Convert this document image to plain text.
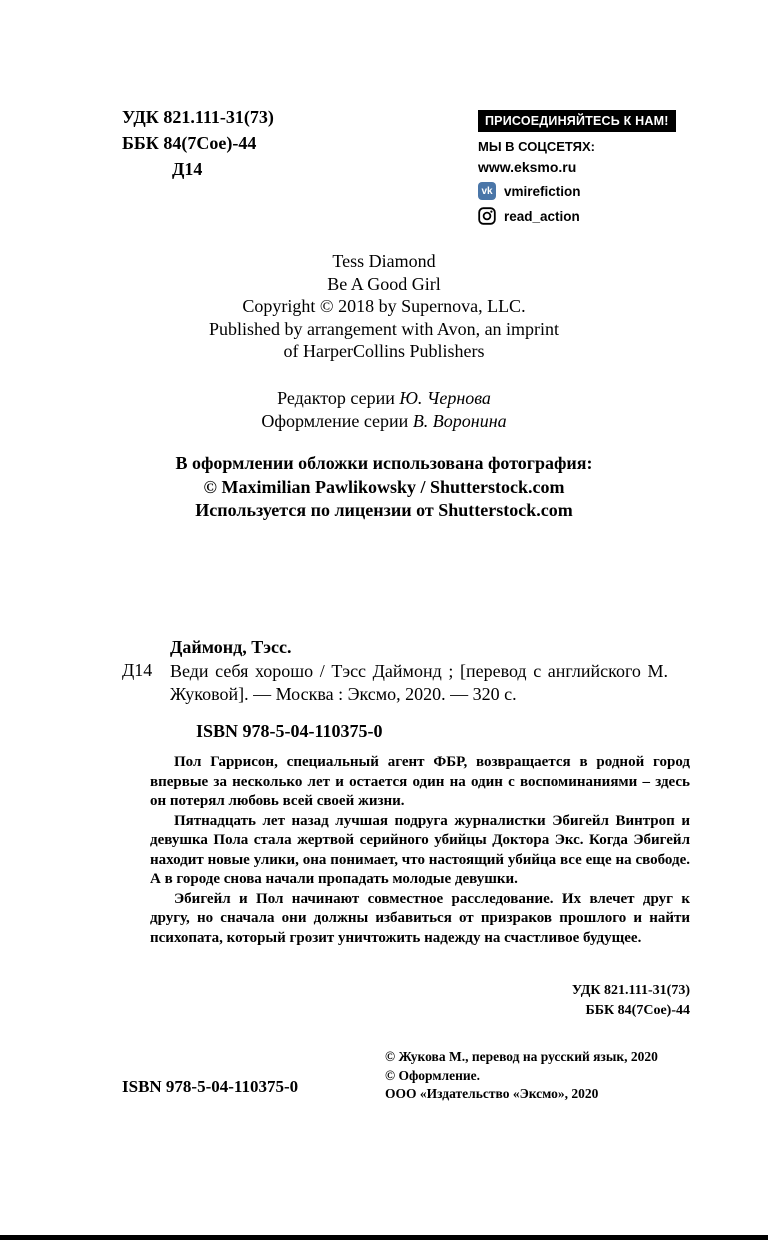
УДК 821.111-31(73)
ББК 84(7Сое)-44
Д14
ПРИСОЕДИНЯЙТЕСЬ К НАМ!
МЫ В СОЦСЕТЯХ:
www.eksmo.ru
vk vmirefiction
read_action
Tess Diamond
Be A Good Girl
Copyright © 2018 by Supernova, LLC.
Published by arrangement with Avon, an imprint
of HarperCollins Publishers
Редактор серии Ю. Чернова
Оформление серии В. Воронина
В оформлении обложки использована фотография:
© Maximilian Pawlikowsky / Shutterstock.com
Используется по лицензии от Shutterstock.com
Даймонд, Тэсс.
Д14 Веди себя хорошо / Тэсс Даймонд ; [перевод с английского М. Жуковой]. — Москва : Эксмо, 2020. — 320 с.
ISBN 978-5-04-110375-0

Пол Гаррисон, специальный агент ФБР, возвращается в родной город впервые за несколько лет и остается один на один с воспоминаниями – здесь он потерял любовь всей своей жизни.

Пятнадцать лет назад лучшая подруга журналистки Эбигейл Винтроп и девушка Пола стала жертвой серийного убийцы Доктора Экс. Когда Эбигейл находит новые улики, она понимает, что настоящий убийца все еще на свободе. А в городе снова начали пропадать молодые девушки.

Эбигейл и Пол начинают совместное расследование. Их влечет друг к другу, но сначала они должны избавиться от призраков прошлого и найти психопата, который грозит уничтожить надежду на счастливое будущее.

УДК 821.111-31(73)
ББК 84(7Сое)-44
© Жукова М., перевод на русский язык, 2020
© Оформление.
ООО «Издательство «Эксмо», 2020
ISBN 978-5-04-110375-0
